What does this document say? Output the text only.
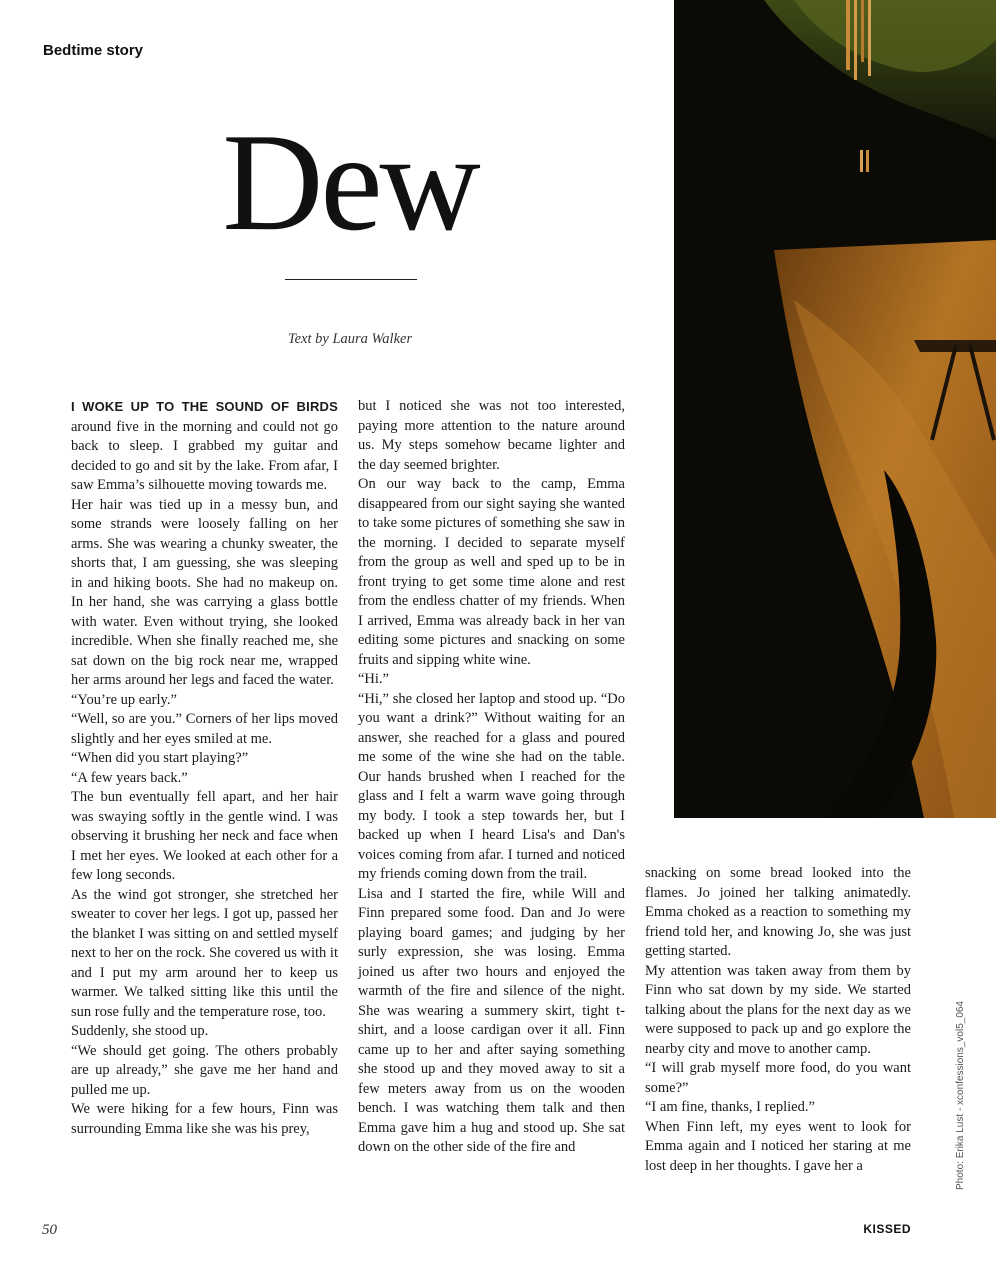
Bedtime story
Dew
Text by Laura Walker

I WOKE UP TO THE SOUND OF BIRDS around five in the morning and could not go back to sleep. I grabbed my guitar and decided to go and sit by the lake. From afar, I saw Emma’s silhouette moving towards me.

Her hair was tied up in a messy bun, and some strands were loosely falling on her arms. She was wearing a chunky sweater, the shorts that, I am guessing, she was sleeping in and hiking boots. She had no makeup on. In her hand, she was carrying a glass bottle with water. Even without trying, she looked incredible. When she finally reached me, she sat down on the big rock near me, wrapped her arms around her legs and faced the water.

“You’re up early.”

“Well, so are you.” Corners of her lips moved slightly and her eyes smiled at me.

“When did you start playing?”

“A few years back.”

The bun eventually fell apart, and her hair was swaying softly in the gentle wind. I was observing it brushing her neck and face when I met her eyes. We looked at each other for a few long seconds.

As the wind got stronger, she stretched her sweater to cover her legs. I got up, passed her the blanket I was sitting on and settled myself next to her on the rock. She covered us with it and I put my arm around her to keep us warmer. We talked sitting like this until the sun rose fully and the temperature rose, too.

Suddenly, she stood up.

“We should get going. The others probably are up already,” she gave me her hand and pulled me up.

We were hiking for a few hours, Finn was surrounding Emma like she was his prey,

but I noticed she was not too interested, paying more attention to the nature around us. My steps somehow became lighter and the day seemed brighter.

On our way back to the camp, Emma disappeared from our sight saying she wanted to take some pictures of something she saw in the morning. I decided to separate myself from the group as well and sped up to be in front trying to get some time alone and rest from the endless chatter of my friends. When I arrived, Emma was already back in her van editing some pictures and snacking on some fruits and sipping white wine.

“Hi.”

“Hi,” she closed her laptop and stood up. “Do you want a drink?” Without waiting for an answer, she reached for a glass and poured me some of the wine she had on the table. Our hands brushed when I reached for the glass and I felt a warm wave going through my body. I took a step towards her, but I backed up when I heard Lisa's and Dan's voices coming from afar. I turned and noticed my friends coming down from the trail.

Lisa and I started the fire, while Will and Finn prepared some food. Dan and Jo were playing board games; and judging by her surly expression, she was losing. Emma joined us after two hours and enjoyed the warmth of the fire and silence of the night. She was wearing a summery skirt, tight t-shirt, and a loose cardigan over it all. Finn came up to her and after saying something she stood up and they moved away to sit a few meters away from us on the wooden bench. I was watching them talk and then Emma gave him a hug and stood up. She sat down on the other side of the fire and

snacking on some bread looked into the flames. Jo joined her talking animatedly. Emma choked as a reaction to something my friend told her, and knowing Jo, she was just getting started.

My attention was taken away from them by Finn who sat down by my side. We started talking about the plans for the next day as we were supposed to pack up and go explore the nearby city and move to another camp.

“I will grab myself more food, do you want some?”

“I am fine, thanks, I replied.”

When Finn left, my eyes went to look for Emma again and I noticed her staring at me lost deep in her thoughts. I gave her a	Photo: Erika Lust - xconfessions_vol5_064
50	KISSED
